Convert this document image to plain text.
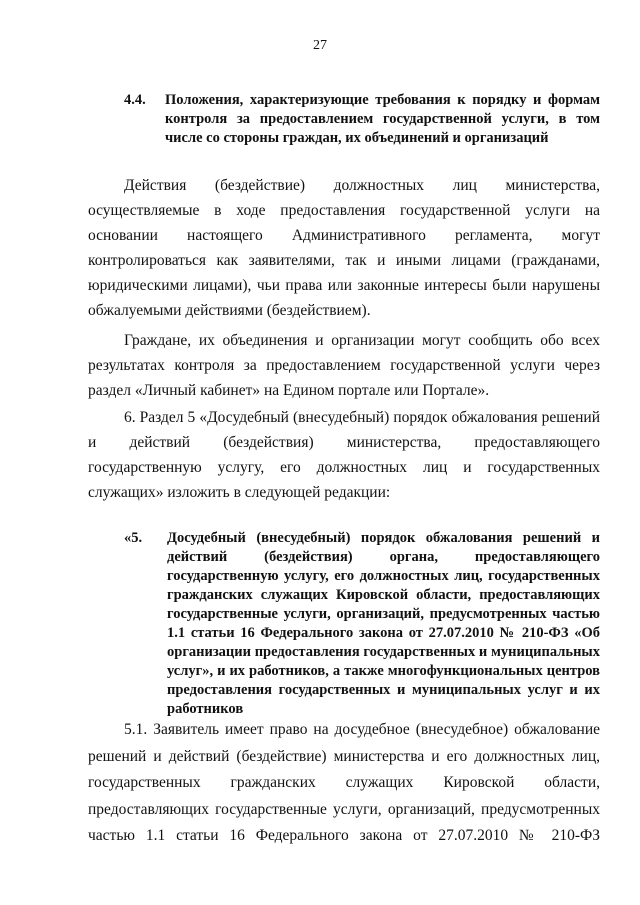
27
4.4. Положения, характеризующие требования к порядку и формам контроля за предоставлением государственной услуги, в том числе со стороны граждан, их объединений и организаций

Действия (бездействие) должностных лиц министерства, осуществляемые в ходе предоставления государственной услуги на основании настоящего Административного регламента, могут контролироваться как заявителями, так и иными лицами (гражданами, юридическими лицами), чьи права или законные интересы были нарушены обжалуемыми действиями (бездействием).

Граждане, их объединения и организации могут сообщить обо всех результатах контроля за предоставлением государственной услуги через раздел «Личный кабинет» на Едином портале или Портале».

6. Раздел 5 «Досудебный (внесудебный) порядок обжалования решений и действий (бездействия) министерства, предоставляющего государственную услугу, его должностных лиц и государственных служащих» изложить в следующей редакции:

«5. Досудебный (внесудебный) порядок обжалования решений и действий (бездействия) органа, предоставляющего государственную услугу, его должностных лиц, государственных гражданских служащих Кировской области, предоставляющих государственные услуги, организаций, предусмотренных частью 1.1 статьи 16 Федерального закона от 27.07.2010 № 210-ФЗ «Об организации предоставления государственных и муниципальных услуг», и их работников, а также многофункциональных центров предоставления государственных и муниципальных услуг и их работников

5.1. Заявитель имеет право на досудебное (внесудебное) обжалование решений и действий (бездействие) министерства и его должностных лиц, государственных гражданских служащих Кировской области, предоставляющих государственные услуги, организаций, предусмотренных частью 1.1 статьи 16 Федерального закона от 27.07.2010 № 210-ФЗ
